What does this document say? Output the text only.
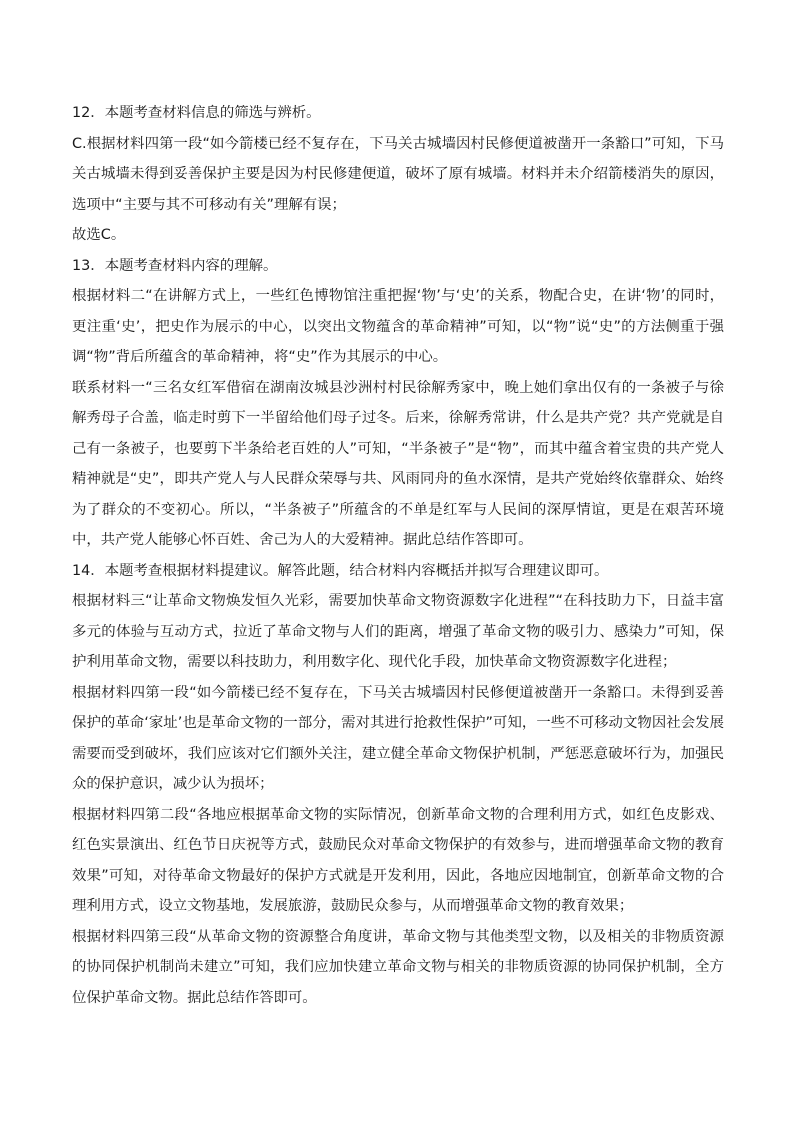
12．本题考查材料信息的筛选与辨析。

C.根据材料四第一段“如今箭楼已经不复存在，下马关古城墙因村民修便道被凿开一条豁口”可知，下马关古城墙未得到妥善保护主要是因为村民修建便道，破坏了原有城墙。材料并未介绍箭楼消失的原因，选项中“主要与其不可移动有关”理解有误；

故选C。

13．本题考查材料内容的理解。

根据材料二“在讲解方式上，一些红色博物馆注重把握‘物’与‘史’的关系，物配合史，在讲‘物’的同时，更注重‘史’，把史作为展示的中心，以突出文物蕴含的革命精神”可知，以“物”说“史”的方法侧重于强调“物”背后所蕴含的革命精神，将“史”作为其展示的中心。

联系材料一“三名女红军借宿在湖南汝城县沙洲村村民徐解秀家中，晚上她们拿出仅有的一条被子与徐解秀母子合盖，临走时剪下一半留给他们母子过冬。后来，徐解秀常讲，什么是共产党？共产党就是自己有一条被子，也要剪下半条给老百姓的人”可知，“半条被子”是“物”，而其中蕴含着宝贵的共产党人精神就是“史”，即共产党人与人民群众荣辱与共、风雨同舟的鱼水深情，是共产党始终依靠群众、始终为了群众的不变初心。所以，“半条被子”所蕴含的不单是红军与人民间的深厚情谊，更是在艰苦环境中，共产党人能够心怀百姓、舍己为人的大爱精神。据此总结作答即可。

14．本题考查根据材料提建议。解答此题，结合材料内容概括并拟写合理建议即可。

根据材料三“让革命文物焕发恒久光彩，需要加快革命文物资源数字化进程”“在科技助力下，日益丰富多元的体验与互动方式，拉近了革命文物与人们的距离，增强了革命文物的吸引力、感染力”可知，保护利用革命文物，需要以科技助力，利用数字化、现代化手段，加快革命文物资源数字化进程；

根据材料四第一段“如今箭楼已经不复存在，下马关古城墙因村民修便道被凿开一条豁口。未得到妥善保护的革命‘家址’也是革命文物的一部分，需对其进行抢救性保护”可知，一些不可移动文物因社会发展需要而受到破坏，我们应该对它们额外关注，建立健全革命文物保护机制，严惩恶意破坏行为，加强民众的保护意识，减少认为损坏；

根据材料四第二段“各地应根据革命文物的实际情况，创新革命文物的合理利用方式，如红色皮影戏、红色实景演出、红色节日庆祝等方式，鼓励民众对革命文物保护的有效参与，进而增强革命文物的教育效果”可知，对待革命文物最好的保护方式就是开发利用，因此，各地应因地制宜，创新革命文物的合理利用方式，设立文物基地，发展旅游，鼓励民众参与，从而增强革命文物的教育效果；

根据材料四第三段“从革命文物的资源整合角度讲，革命文物与其他类型文物，以及相关的非物质资源的协同保护机制尚未建立”可知，我们应加快建立革命文物与相关的非物质资源的协同保护机制，全方位保护革命文物。据此总结作答即可。
